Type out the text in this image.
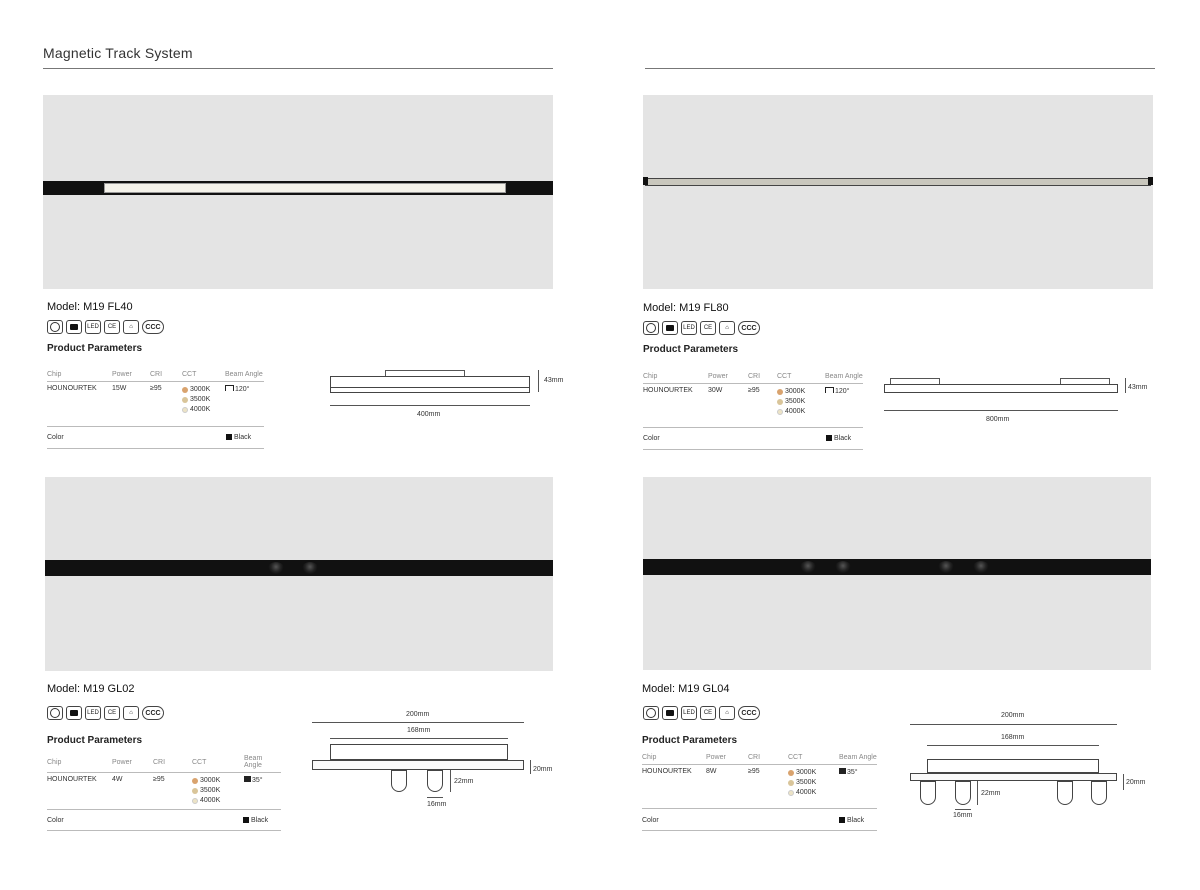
Magnetic Track System
Model: M19 FL40
LED	CE	⌂	CCC
Product Parameters
Chip	Power	CRI	CCT	Beam Angle
HOUNOURTEK	15W	≥95	3000K
3500K
4000K	120°
Color	Black
43mm
400mm
Model: M19 FL80
LED	CE	⌂	CCC
Product Parameters
Chip	Power	CRI	CCT	Beam Angle
HOUNOURTEK	30W	≥95	3000K
3500K
4000K	120°
Color	Black
43mm
800mm
Model: M19 GL02
LED	CE	⌂	CCC
Product Parameters
Chip	Power	CRI	CCT	Beam Angle
HOUNOURTEK	4W	≥95	3000K
3500K
4000K	35°
Color	Black
200mm
168mm
20mm
22mm
16mm
Model: M19 GL04
LED	CE	⌂	CCC
Product Parameters
Chip	Power	CRI	CCT	Beam Angle
HOUNOURTEK	8W	≥95	3000K
3500K
4000K	35°
Color	Black
200mm
168mm
20mm
22mm
16mm
